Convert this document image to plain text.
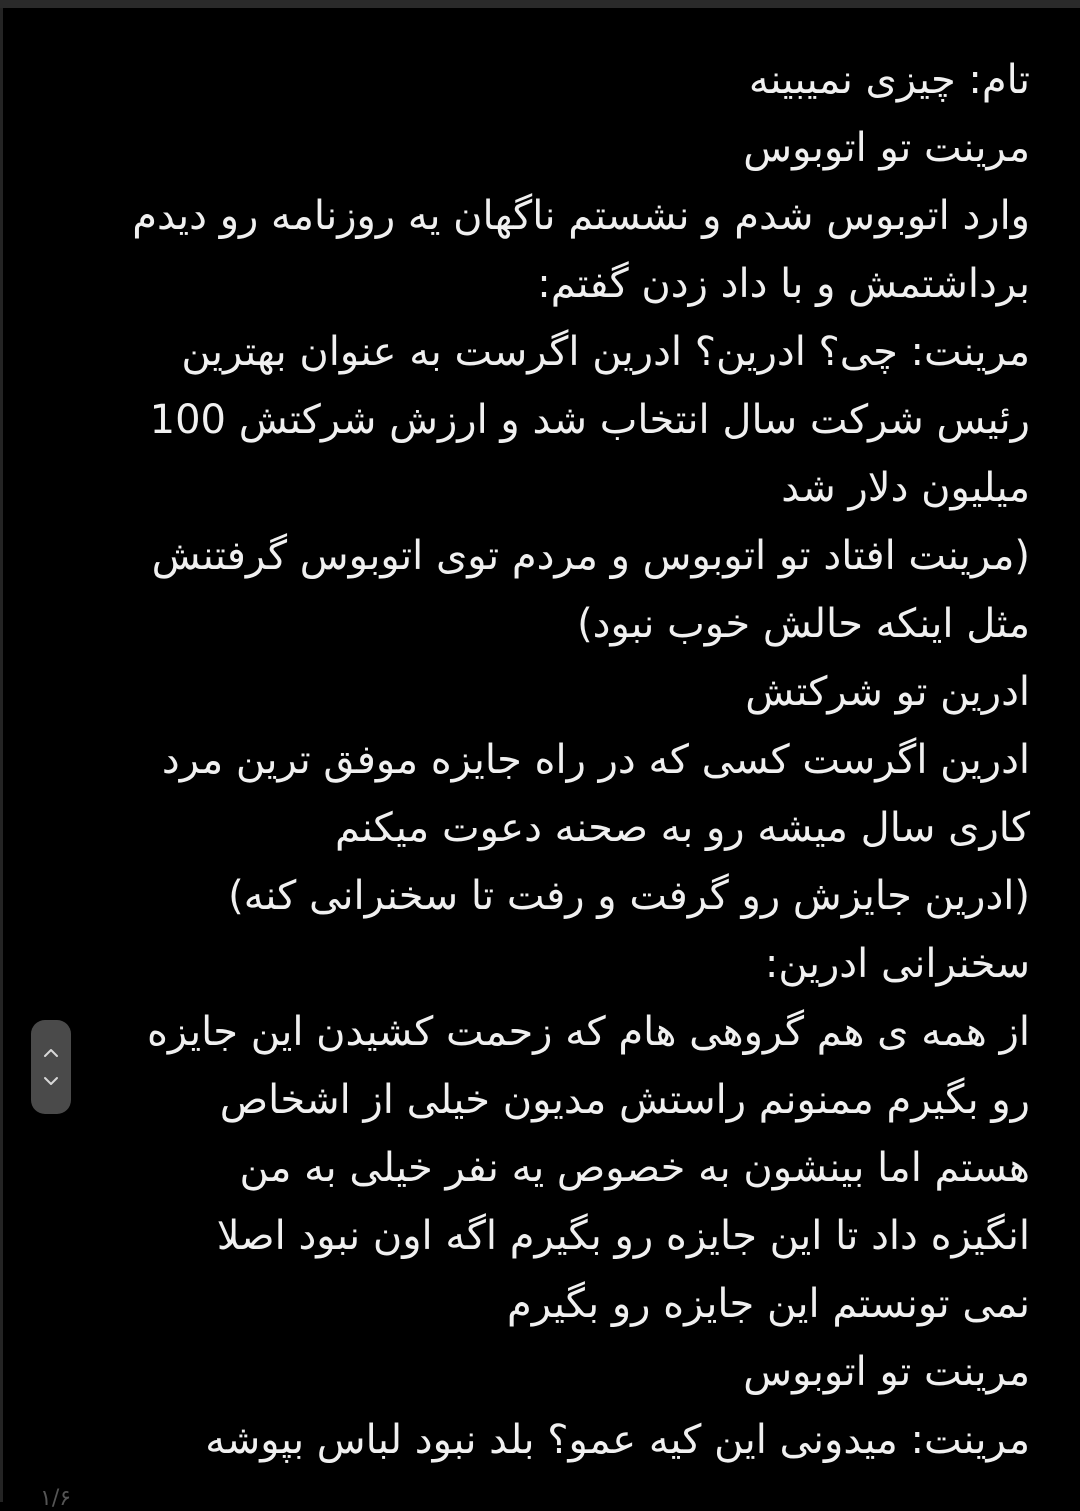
تام: چیزی نمیبینه
مرینت تو اتوبوس
وارد اتوبوس شدم و نشستم ناگهان یه روزنامه رو دیدم
برداشتمش و با داد زدن گفتم:
مرینت: چی؟ ادرین؟ ادرین اگرست به عنوان بهترین
رئیس شرکت سال انتخاب شد و ارزش شرکتش 100
میلیون دلار شد
(مرینت افتاد تو اتوبوس و مردم توی اتوبوس گرفتنش
مثل اینکه حالش خوب نبود)
ادرین تو شرکتش
ادرین اگرست کسی که در راه جایزه موفق ترین مرد
کاری سال میشه رو به صحنه دعوت میکنم
(ادرین جایزش رو گرفت و رفت تا سخنرانی کنه)
سخنرانی ادرین:
از همه ی هم گروهی هام که زحمت کشیدن این جایزه
رو بگیرم ممنونم راستش مدیون خیلی از اشخاص
هستم اما بینشون به خصوص یه نفر خیلی به من
انگیزه داد تا این جایزه رو بگیرم اگه اون نبود اصلا
نمی تونستم این جایزه رو بگیرم
مرینت تو اتوبوس
مرینت: میدونی این کیه عمو؟ بلد نبود لباس بپوشه
۱/۶
